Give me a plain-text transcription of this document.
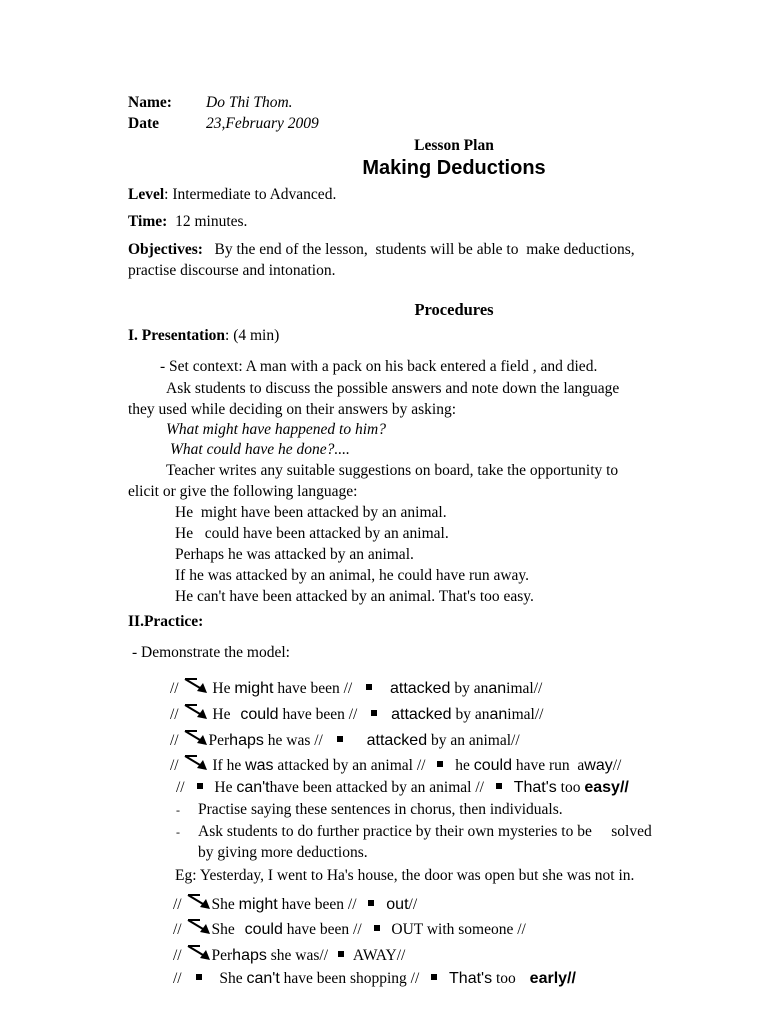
Name: Do Thi Thom.
Date	23,February 2009
Lesson Plan
Making Deductions
Level: Intermediate to Advanced.
Time:  12 minutes.
Objectives:   By the end of the lesson,  students will be able to  make deductions,
practise discourse and intonation.
Procedures
I. Presentation: (4 min)
- Set context: A man with a pack on his back entered a field , and died.
Ask students to discuss the possible answers and note down the language
they used while deciding on their answers by asking:
What might have happened to him?
What could have he done?....
Teacher writes any suitable suggestions on board, take the opportunity to
elicit or give the following language:
He  might have been attacked by an animal.
He   could have been attacked by an animal.
Perhaps he was attacked by an animal.
If he was attacked by an animal, he could have run away.
He can't have been attacked by an animal. That's too easy.
II.Practice:
- Demonstrate the model:
// He might have been // attacked by ananimal//
// He could have been // attacked by ananimal//
// Perhaps he was //	attacked by an animal//
// If he was attacked by an animal // he could have run  away//
// He can'thave been attacked by an animal // That's too easy//
- Practise saying these sentences in chorus, then individuals.
- Ask students to do further practice by their own mysteries to be     solved
by giving more deductions.
Eg: Yesterday, I went to Ha's house, the door was open but she was not in.
// She might have been // out//
// She could have been // OUT with someone //
// Perhaps she was// AWAY//
// She can't have been shopping // That's too early//
